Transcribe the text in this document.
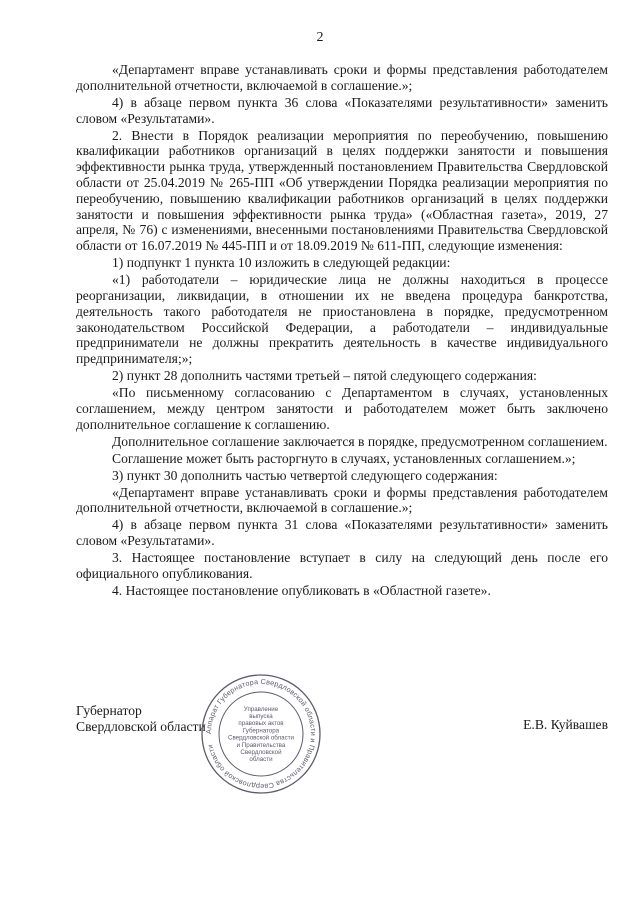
2

«Департамент вправе устанавливать сроки и формы представления работодателем дополнительной отчетности, включаемой в соглашение.»;

4) в абзаце первом пункта 36 слова «Показателями результативности» заменить словом «Результатами».

2. Внести в Порядок реализации мероприятия по переобучению, повышению квалификации работников организаций в целях поддержки занятости и повышения эффективности рынка труда, утвержденный постановлением Правительства Свердловской области от 25.04.2019 № 265-ПП «Об утверждении Порядка реализации мероприятия по переобучению, повышению квалификации работников организаций в целях поддержки занятости и повышения эффективности рынка труда» («Областная газета», 2019, 27 апреля, № 76) с изменениями, внесенными постановлениями Правительства Свердловской области от 16.07.2019 № 445-ПП и от 18.09.2019 № 611-ПП, следующие изменения:

1) подпункт 1 пункта 10 изложить в следующей редакции:

«1) работодатели – юридические лица не должны находиться в процессе реорганизации, ликвидации, в отношении их не введена процедура банкротства, деятельность такого работодателя не приостановлена в порядке, предусмотренном законодательством Российской Федерации, а работодатели – индивидуальные предприниматели не должны прекратить деятельность в качестве индивидуального предпринимателя;»;

2) пункт 28 дополнить частями третьей – пятой следующего содержания:

«По письменному согласованию с Департаментом в случаях, установленных соглашением, между центром занятости и работодателем может быть заключено дополнительное соглашение к соглашению.

Дополнительное соглашение заключается в порядке, предусмотренном соглашением.

Соглашение может быть расторгнуто в случаях, установленных соглашением.»;

3) пункт 30 дополнить частью четвертой следующего содержания:

«Департамент вправе устанавливать сроки и формы представления работодателем дополнительной отчетности, включаемой в соглашение.»;

4) в абзаце первом пункта 31 слова «Показателями результативности» заменить словом «Результатами».

3. Настоящее постановление вступает в силу на следующий день после его официального опубликования.

4. Настоящее постановление опубликовать в «Областной газете».

Губернатор
Свердловской области	Е.В. Куйвашев
Аппарат Губернатора Свердловской области и Правительства Свердловской области
Управление
выпуска
правовых актов
Губернатора
Свердловской области
и Правительства
Свердловской
области
